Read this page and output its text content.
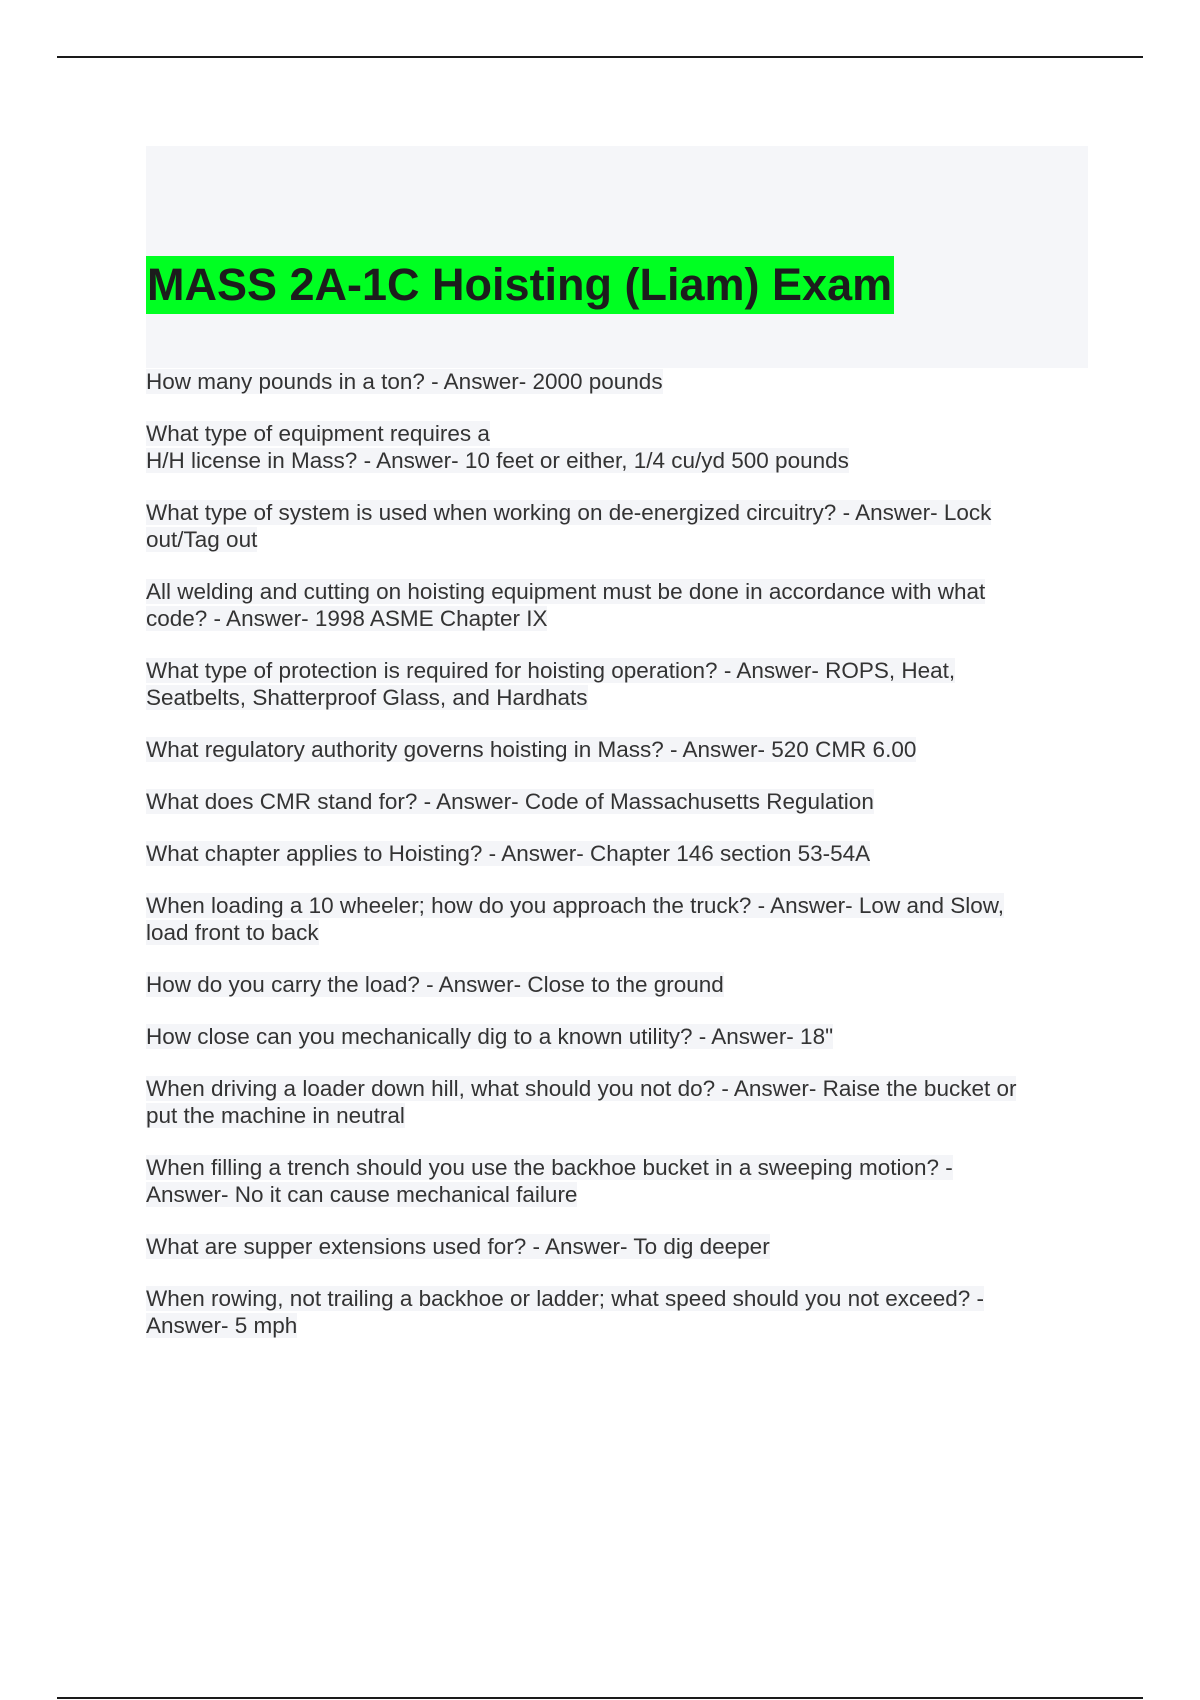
MASS 2A-1C Hoisting (Liam) Exam
How many pounds in a ton? - Answer- 2000 pounds
What type of equipment requires a
H/H license in Mass? - Answer- 10 feet or either, 1/4 cu/yd 500 pounds
What type of system is used when working on de-energized circuitry? - Answer- Lock
out/Tag out
All welding and cutting on hoisting equipment must be done in accordance with what
code? - Answer- 1998 ASME Chapter IX
What type of protection is required for hoisting operation? - Answer- ROPS, Heat,
Seatbelts, Shatterproof Glass, and Hardhats
What regulatory authority governs hoisting in Mass? - Answer- 520 CMR 6.00
What does CMR stand for? - Answer- Code of Massachusetts Regulation
What chapter applies to Hoisting? - Answer- Chapter 146 section 53-54A
When loading a 10 wheeler; how do you approach the truck? - Answer- Low and Slow,
load front to back
How do you carry the load? - Answer- Close to the ground
How close can you mechanically dig to a known utility? - Answer- 18"
When driving a loader down hill, what should you not do? - Answer- Raise the bucket or
put the machine in neutral
When filling a trench should you use the backhoe bucket in a sweeping motion? -
Answer- No it can cause mechanical failure
What are supper extensions used for? - Answer- To dig deeper
When rowing, not trailing a backhoe or ladder; what speed should you not exceed? -
Answer- 5 mph
